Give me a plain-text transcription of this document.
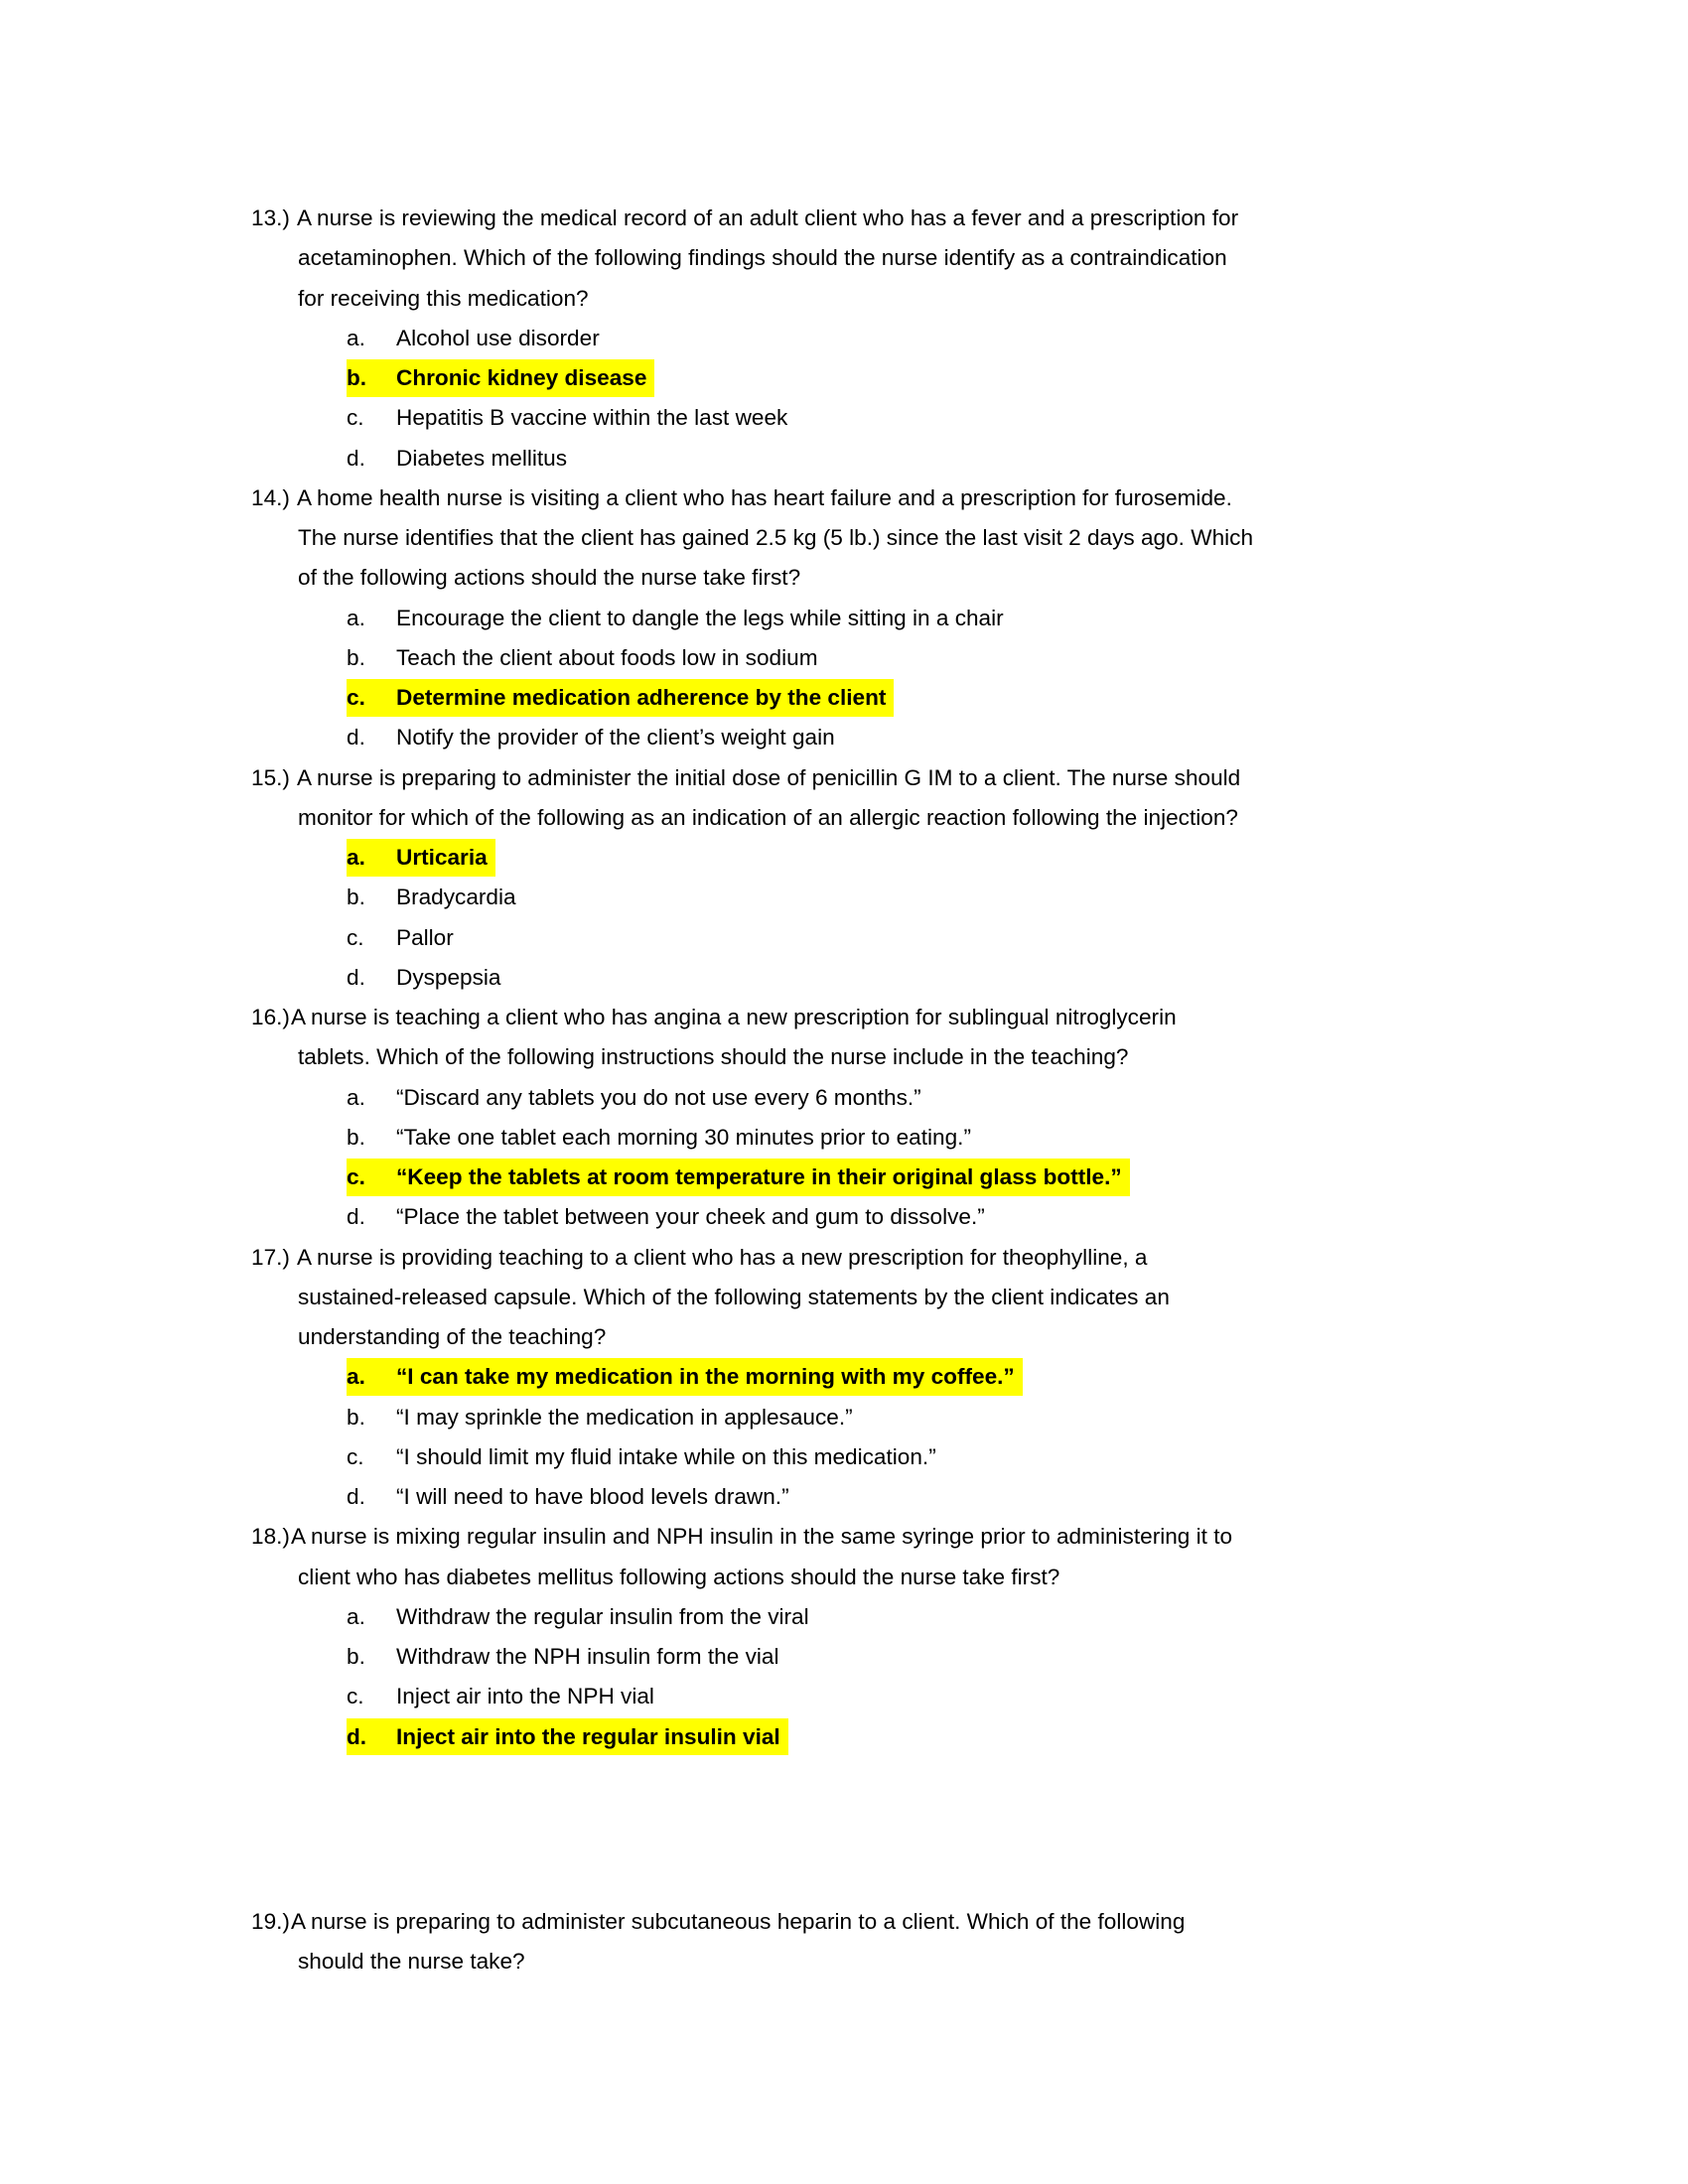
13.) A nurse is reviewing the medical record of an adult client who has a fever and a prescription for
acetaminophen. Which of the following findings should the nurse identify as a contraindication
for receiving this medication?
a. Alcohol use disorder
b. Chronic kidney disease
c. Hepatitis B vaccine within the last week
d. Diabetes mellitus
14.) A home health nurse is visiting a client who has heart failure and a prescription for furosemide.
The nurse identifies that the client has gained 2.5 kg (5 lb.) since the last visit 2 days ago. Which
of the following actions should the nurse take first?
a. Encourage the client to dangle the legs while sitting in a chair
b. Teach the client about foods low in sodium
c. Determine medication adherence by the client
d. Notify the provider of the client’s weight gain
15.) A nurse is preparing to administer the initial dose of penicillin G IM to a client. The nurse should
monitor for which of the following as an indication of an allergic reaction following the injection?
a. Urticaria
b. Bradycardia
c. Pallor
d. Dyspepsia
16.)A nurse is teaching a client who has angina a new prescription for sublingual nitroglycerin
tablets. Which of the following instructions should the nurse include in the teaching?
a. “Discard any tablets you do not use every 6 months.”
b. “Take one tablet each morning 30 minutes prior to eating.”
c. “Keep the tablets at room temperature in their original glass bottle.”
d. “Place the tablet between your cheek and gum to dissolve.”
17.) A nurse is providing teaching to a client who has a new prescription for theophylline, a
sustained-released capsule. Which of the following statements by the client indicates an
understanding of the teaching?
a. “I can take my medication in the morning with my coffee.”
b. “I may sprinkle the medication in applesauce.”
c. “I should limit my fluid intake while on this medication.”
d. “I will need to have blood levels drawn.”
18.)A nurse is mixing regular insulin and NPH insulin in the same syringe prior to administering it to
client who has diabetes mellitus following actions should the nurse take first?
a. Withdraw the regular insulin from the viral
b. Withdraw the NPH insulin form the vial
c. Inject air into the NPH vial
d. Inject air into the regular insulin vial
19.)A nurse is preparing to administer subcutaneous heparin to a client. Which of the following
should the nurse take?
